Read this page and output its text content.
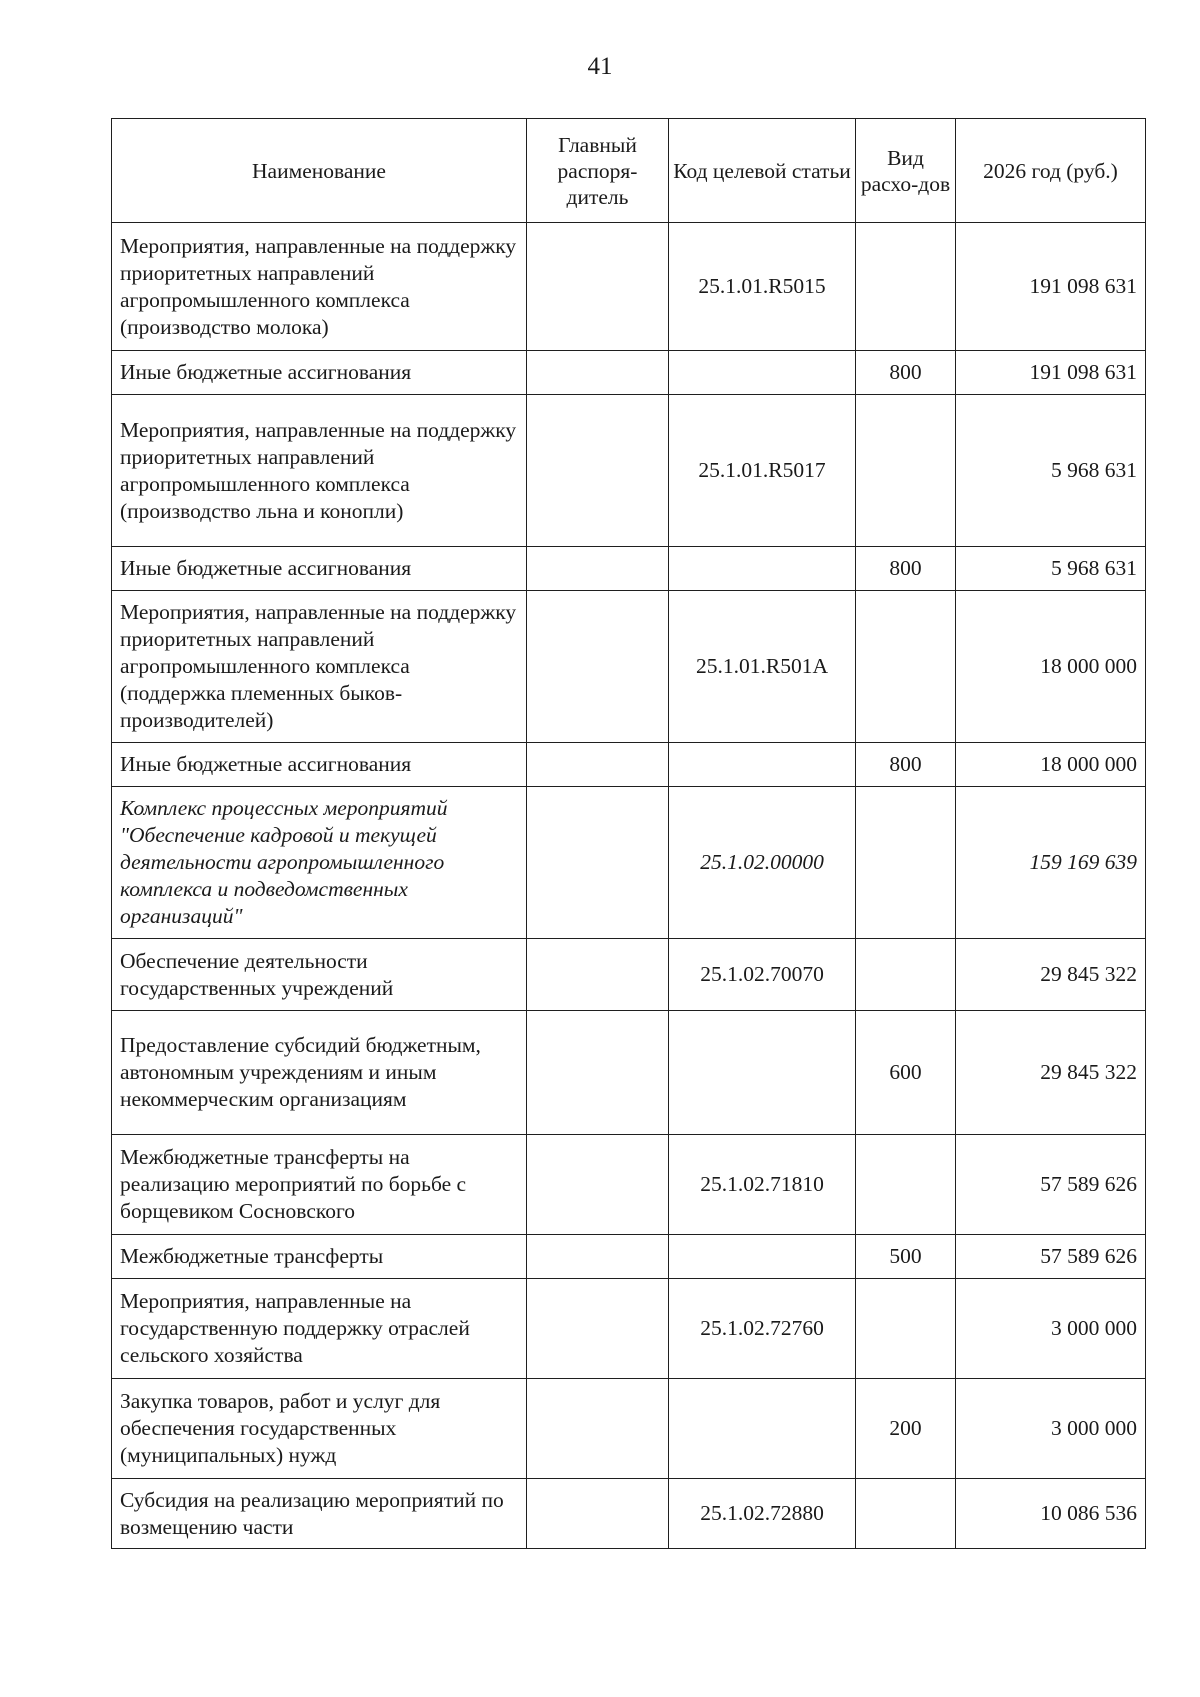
41
Наименование	Главный распоря-дитель	Код целевой статьи	Вид расхо-дов	2026 год (руб.)
Мероприятия, направленные на поддержку приоритетных направлений агропромышленного комплекса (производство молока)		25.1.01.R5015		191 098 631
Иные бюджетные ассигнования			800	191 098 631
Мероприятия, направленные на поддержку приоритетных направлений агропромышленного комплекса (производство льна и конопли)		25.1.01.R5017		5 968 631
Иные бюджетные ассигнования			800	5 968 631
Мероприятия, направленные на поддержку приоритетных направлений агропромышленного комплекса (поддержка племенных быков-производителей)		25.1.01.R501A		18 000 000
Иные бюджетные ассигнования			800	18 000 000
Комплекс процессных мероприятий "Обеспечение кадровой и текущей деятельности агропромышленного комплекса и подведомственных организаций"		25.1.02.00000		159 169 639
Обеспечение деятельности государственных учреждений		25.1.02.70070		29 845 322
Предоставление субсидий бюджетным, автономным учреждениям и иным некоммерческим организациям			600	29 845 322
Межбюджетные трансферты на реализацию мероприятий по борьбе с борщевиком Сосновского		25.1.02.71810		57 589 626
Межбюджетные трансферты			500	57 589 626
Мероприятия, направленные на государственную поддержку отраслей сельского хозяйства		25.1.02.72760		3 000 000
Закупка товаров, работ и услуг для обеспечения государственных (муниципальных) нужд			200	3 000 000
Субсидия на реализацию мероприятий по возмещению части		25.1.02.72880		10 086 536
